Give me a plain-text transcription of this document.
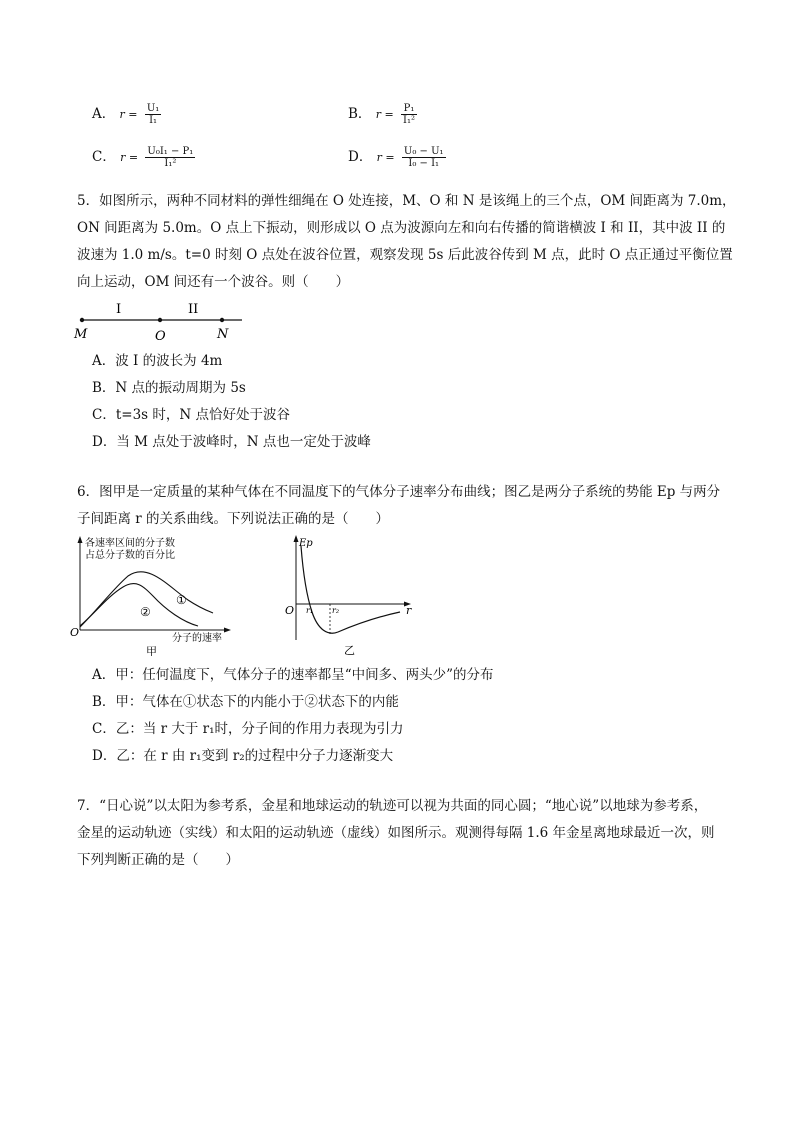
A． $r = \frac{\text{U₁}}{\text{I₁}}$	B． $r = \frac{\text{P₁}}{\text{I₁²}}$
C． $r = \frac{\text{U₀I₁ − P₁}}{\text{I₁²}}$	D． $r = \frac{\text{U₀ − U₁}}{\text{I₀ − I₁}}$
5．如图所示，两种不同材料的弹性细绳在 O 处连接，M、O 和 N 是该绳上的三个点，OM 间距离为 7.0m，
ON 间距离为 5.0m。O 点上下振动，则形成以 O 点为波源向左和向右传播的简谐横波 I 和 II，其中波 II 的
波速为 1.0 m/s。t=0 时刻 O 点处在波谷位置，观察发现 5s 后此波谷传到 M 点，此时 O 点正通过平衡位置
向上运动，OM 间还有一个波谷。则（　　）
I	II
M	O	N
A．波 I 的波长为 4m
B．N 点的振动周期为 5s
C．t=3s 时，N 点恰好处于波谷
D．当 M 点处于波峰时，N 点也一定处于波峰
6．图甲是一定质量的某种气体在不同温度下的气体分子速率分布曲线；图乙是两分子系统的势能 Ep 与两分
子间距离 r 的关系曲线。下列说法正确的是（　　）
各速率区间的分子数
占总分子数的百分比
①
②
O	分子的速率
甲
Ep
r
O r₁ r₂
乙
A．甲：任何温度下，气体分子的速率都呈“中间多、两头少”的分布
B．甲：气体在①状态下的内能小于②状态下的内能
C．乙：当 r 大于 r₁时，分子间的作用力表现为引力
D．乙：在 r 由 r₁变到 r₂的过程中分子力逐渐变大
7．“日心说”以太阳为参考系，金星和地球运动的轨迹可以视为共面的同心圆；“地心说”以地球为参考系，
金星的运动轨迹（实线）和太阳的运动轨迹（虚线）如图所示。观测得每隔 1.6 年金星离地球最近一次，则
下列判断正确的是（　　）
